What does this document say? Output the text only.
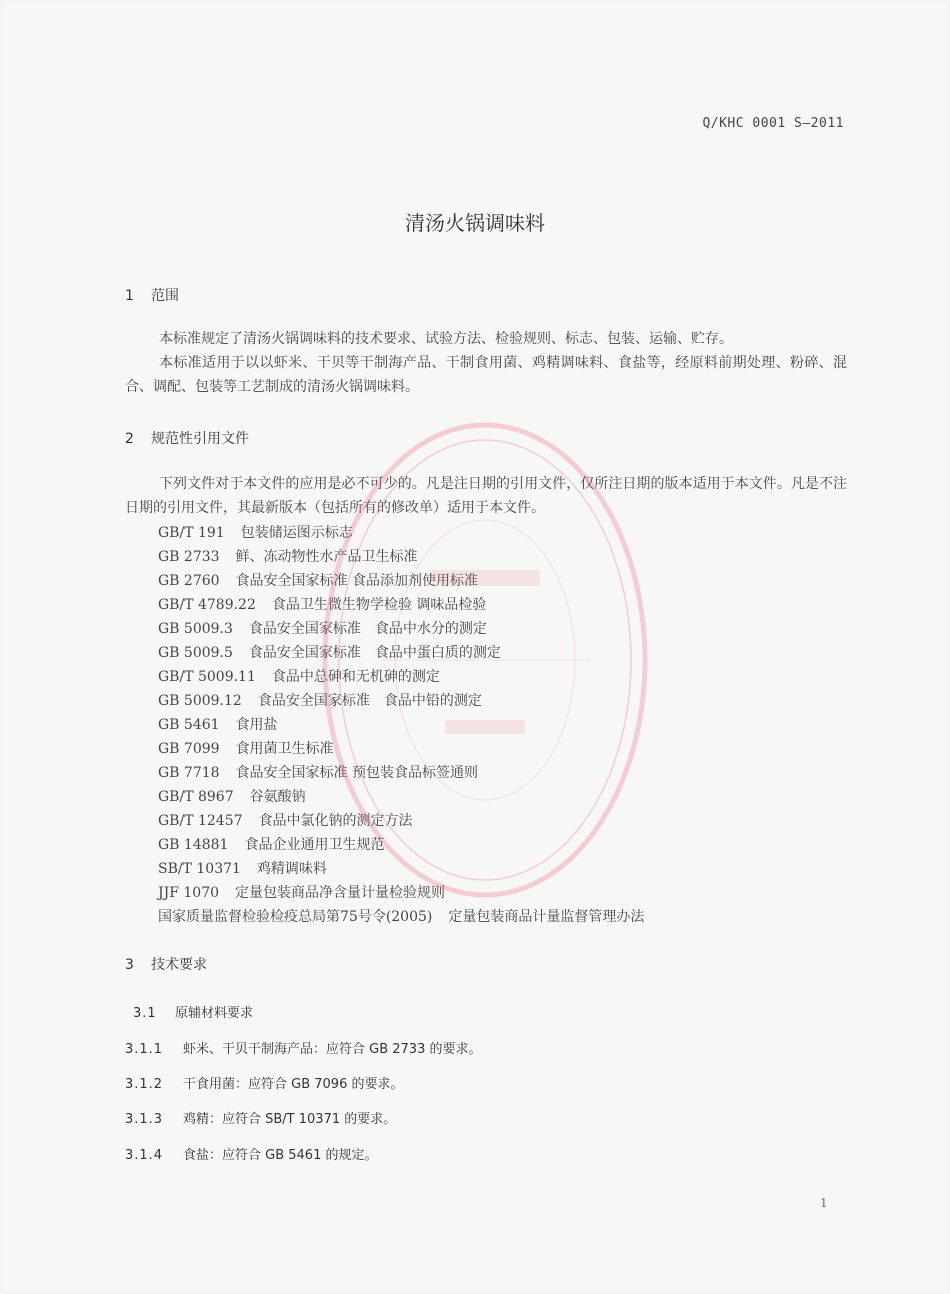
Q/KHC 0001 S—2011
清汤火锅调味料
1 范围
本标准规定了清汤火锅调味料的技术要求、试验方法、检验规则、标志、包装、运输、贮存。
本标准适用于以以虾米、干贝等干制海产品、干制食用菌、鸡精调味料、食盐等，经原料前期处理、粉碎、混合、调配、包装等工艺制成的清汤火锅调味料。
2 规范性引用文件
下列文件对于本文件的应用是必不可少的。凡是注日期的引用文件，仅所注日期的版本适用于本文件。凡是不注日期的引用文件，其最新版本（包括所有的修改单）适用于本文件。
GB/T 191 包装储运图示标志
GB 2733 鲜、冻动物性水产品卫生标准
GB 2760 食品安全国家标准 食品添加剂使用标准
GB/T 4789.22 食品卫生微生物学检验 调味品检验
GB 5009.3 食品安全国家标准　食品中水分的测定
GB 5009.5 食品安全国家标准　食品中蛋白质的测定
GB/T 5009.11 食品中总砷和无机砷的测定
GB 5009.12 食品安全国家标准　食品中铅的测定
GB 5461 食用盐
GB 7099 食用菌卫生标准
GB 7718 食品安全国家标准 预包装食品标签通则
GB/T 8967 谷氨酸钠
GB/T 12457 食品中氯化钠的测定方法
GB 14881 食品企业通用卫生规范
SB/T 10371 鸡精调味料
JJF 1070 定量包装商品净含量计量检验规则
国家质量监督检验检疫总局第75号令(2005) 定量包装商品计量监督管理办法
3 技术要求
3.1 原辅材料要求
3.1.1 虾米、干贝干制海产品：应符合 GB 2733 的要求。
3.1.2 干食用菌：应符合 GB 7096 的要求。
3.1.3 鸡精：应符合 SB/T 10371 的要求。
3.1.4 食盐：应符合 GB 5461 的规定。
1
